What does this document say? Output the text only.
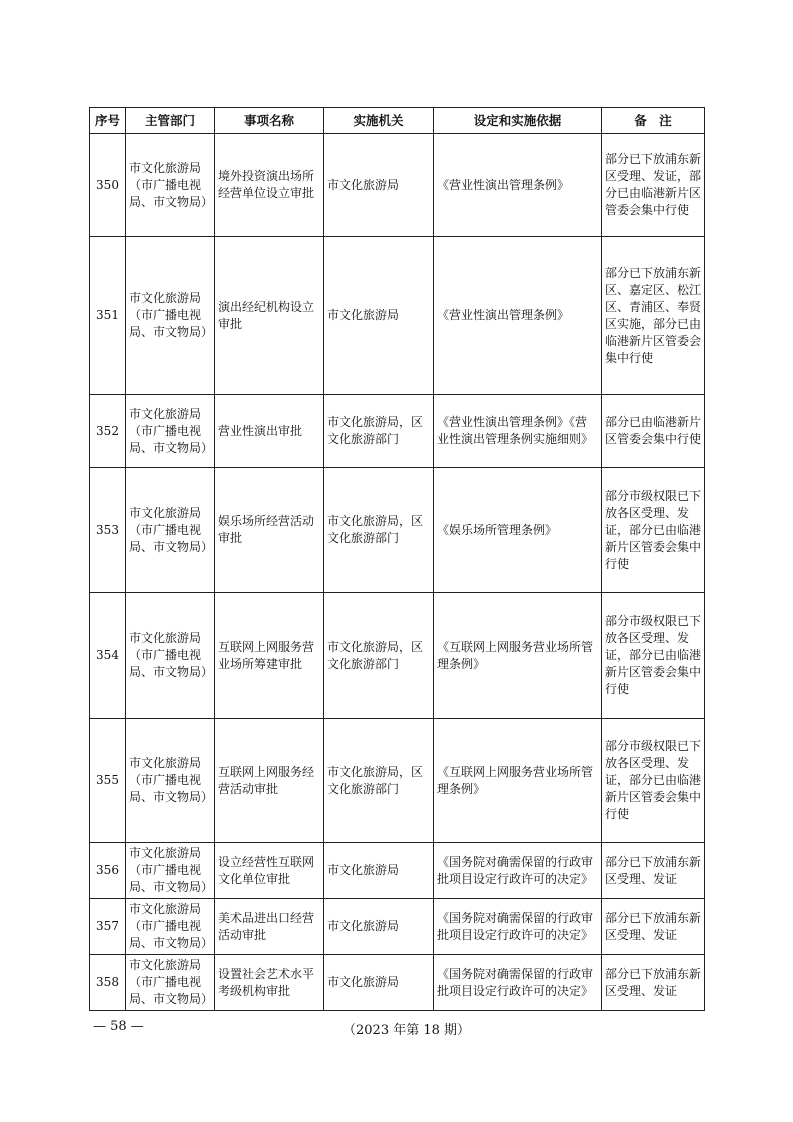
序号	主管部门	事项名称	实施机关	设定和实施依据	备　注
350	市文化旅游局（市广播电视局、市文物局）	境外投资演出场所经营单位设立审批	市文化旅游局	《营业性演出管理条例》	部分已下放浦东新区受理、发证，部分已由临港新片区管委会集中行使
351	市文化旅游局（市广播电视局、市文物局）	演出经纪机构设立审批	市文化旅游局	《营业性演出管理条例》	部分已下放浦东新区、嘉定区、松江区、青浦区、奉贤区实施，部分已由临港新片区管委会集中行使
352	市文化旅游局（市广播电视局、市文物局）	营业性演出审批	市文化旅游局，区文化旅游部门	《营业性演出管理条例》《营业性演出管理条例实施细则》	部分已由临港新片区管委会集中行使
353	市文化旅游局（市广播电视局、市文物局）	娱乐场所经营活动审批	市文化旅游局，区文化旅游部门	《娱乐场所管理条例》	部分市级权限已下放各区受理、发证，部分已由临港新片区管委会集中行使
354	市文化旅游局（市广播电视局、市文物局）	互联网上网服务营业场所筹建审批	市文化旅游局，区文化旅游部门	《互联网上网服务营业场所管理条例》	部分市级权限已下放各区受理、发证，部分已由临港新片区管委会集中行使
355	市文化旅游局（市广播电视局、市文物局）	互联网上网服务经营活动审批	市文化旅游局，区文化旅游部门	《互联网上网服务营业场所管理条例》	部分市级权限已下放各区受理、发证，部分已由临港新片区管委会集中行使
356	市文化旅游局（市广播电视局、市文物局）	设立经营性互联网文化单位审批	市文化旅游局	《国务院对确需保留的行政审批项目设定行政许可的决定》	部分已下放浦东新区受理、发证
357	市文化旅游局（市广播电视局、市文物局）	美术品进出口经营活动审批	市文化旅游局	《国务院对确需保留的行政审批项目设定行政许可的决定》	部分已下放浦东新区受理、发证
358	市文化旅游局（市广播电视局、市文物局）	设置社会艺术水平考级机构审批	市文化旅游局	《国务院对确需保留的行政审批项目设定行政许可的决定》	部分已下放浦东新区受理、发证
— 58 —	（2023 年第 18 期）
